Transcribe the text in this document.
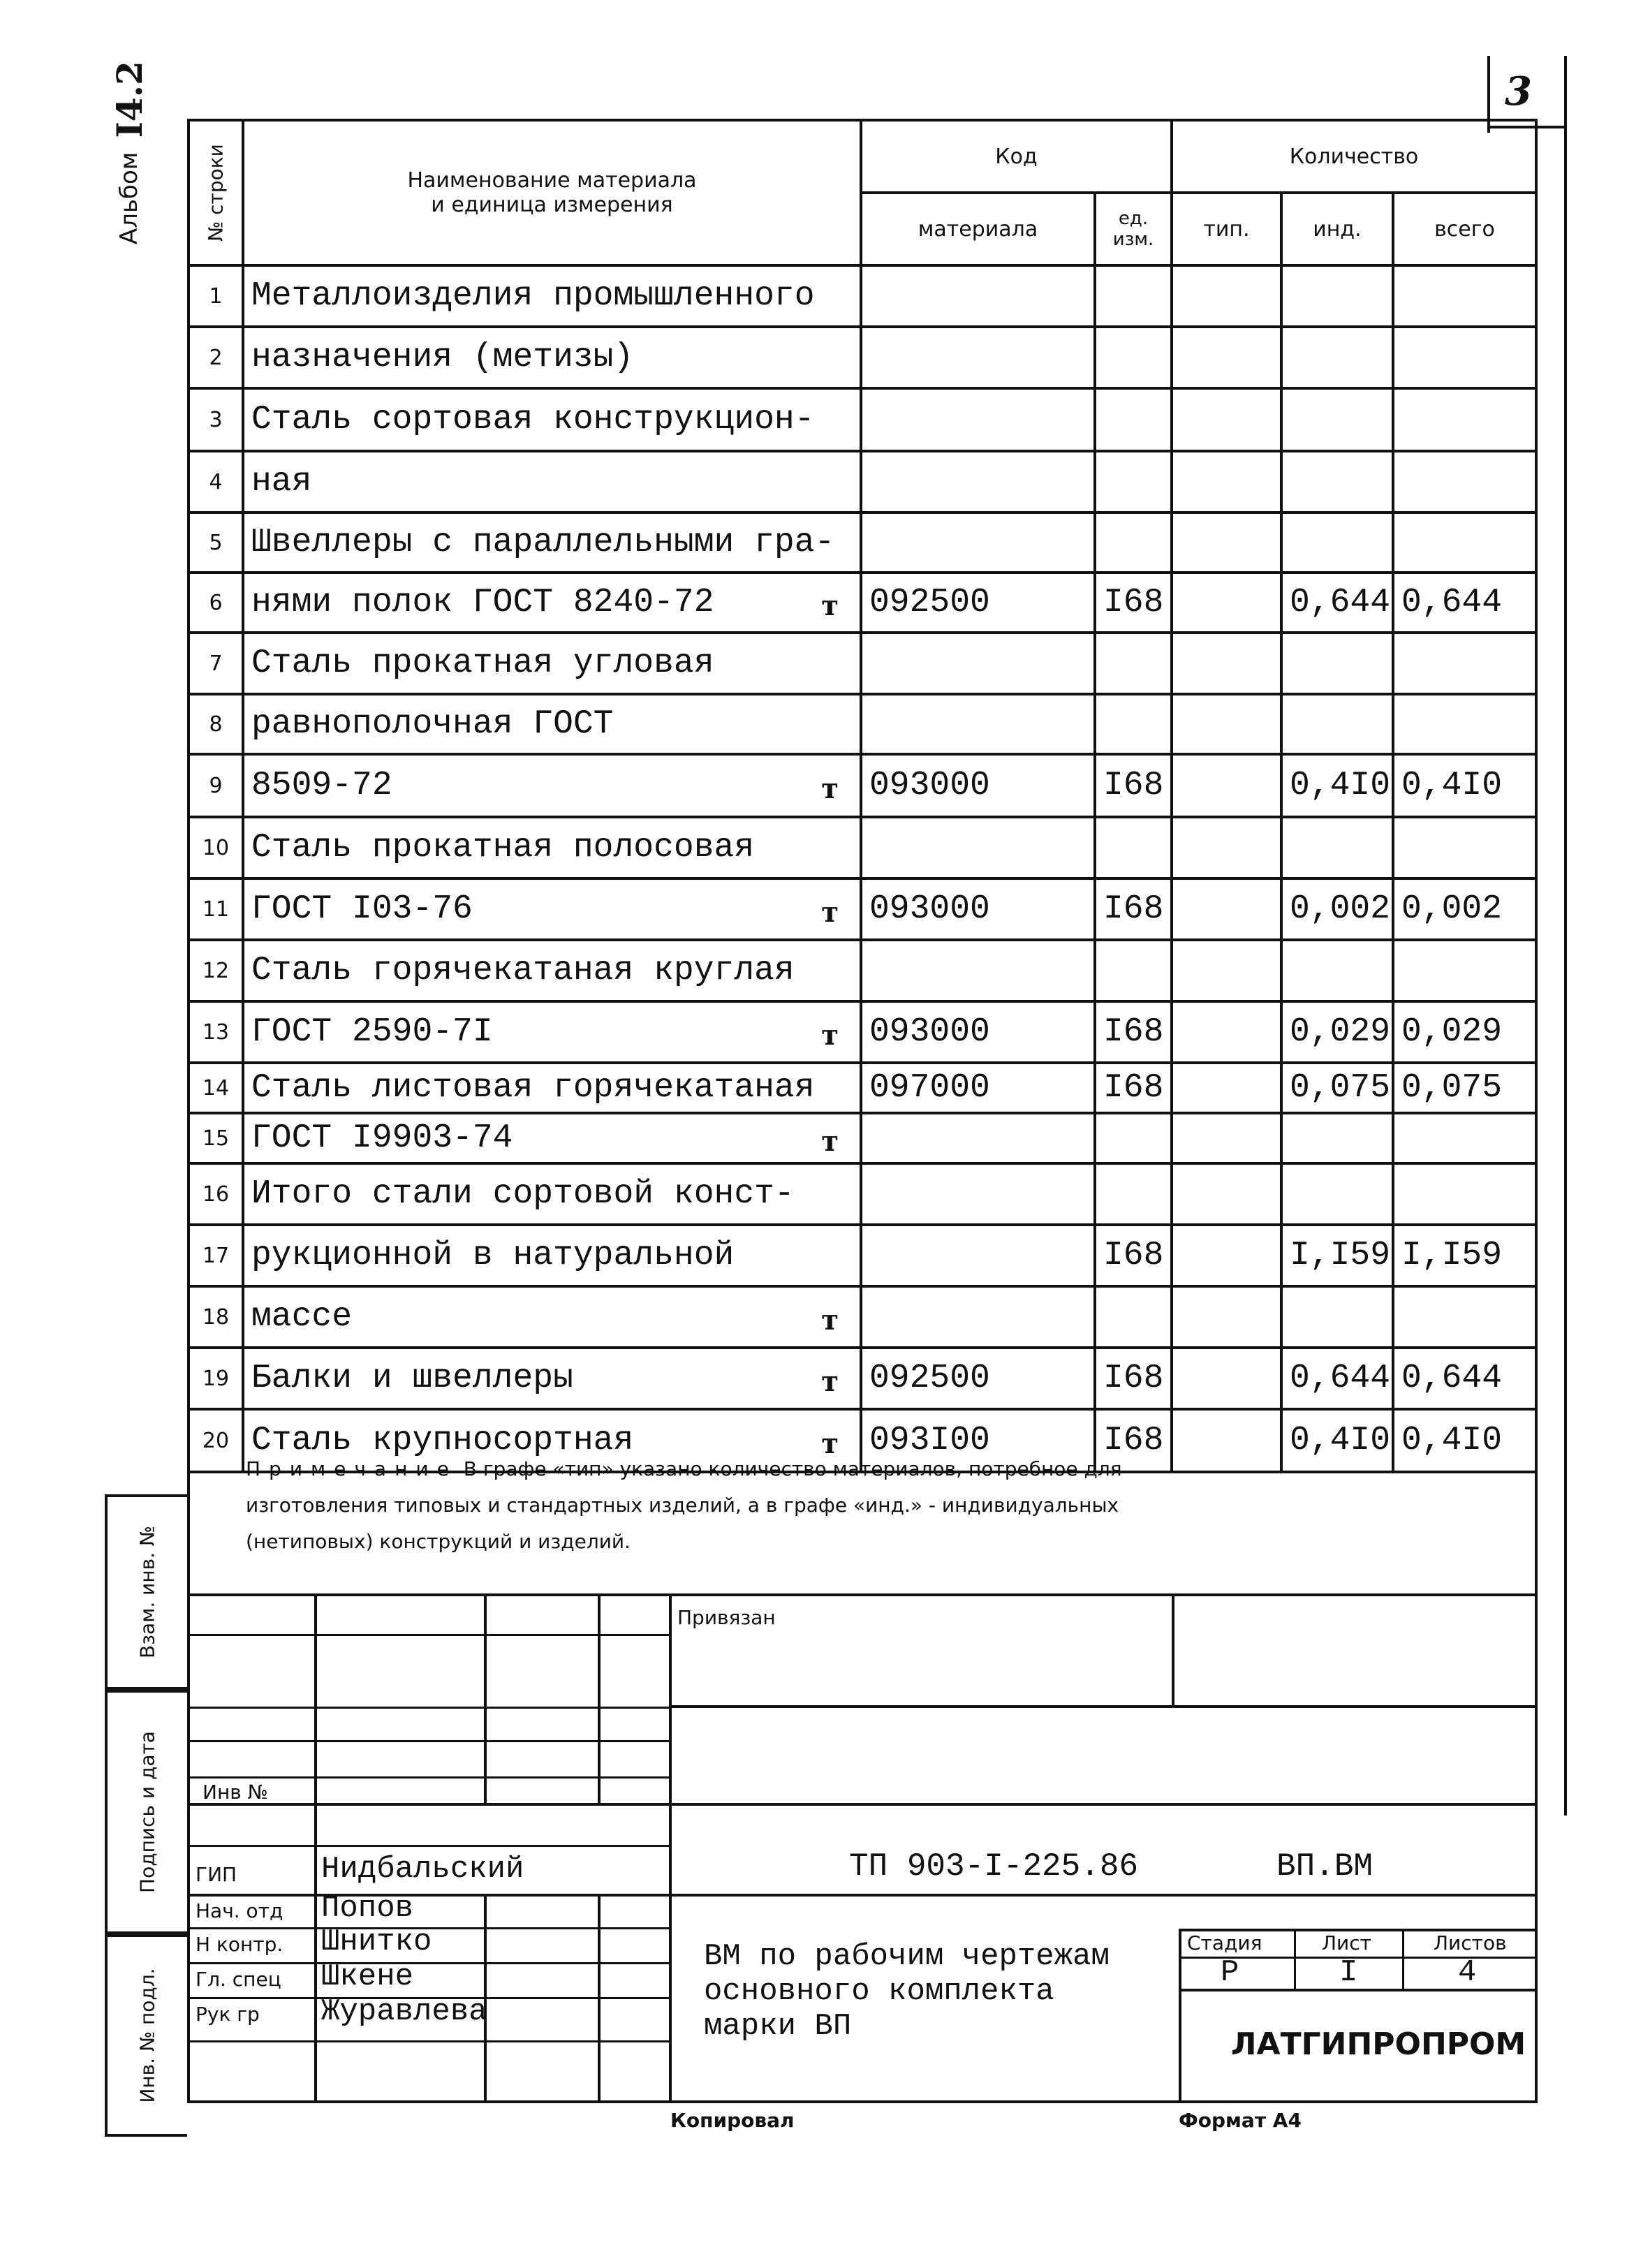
3
Альбом
I4.2
№ строки	Наименование материала и единица измерения	Код		Количество		
		материала	ед. изм.	тип.	инд.	всего
1	Металлоизделия промышленного

2	назначения (метизы)

3	Сталь сортовая конструкцион-

4	ная

5	Швеллеры с параллельными гра-

6	нями полок ГОСТ 8240-72 т	092500	I68		0,644	0,644
7	Сталь прокатная угловая

8	равнополочная ГОСТ

9	8509-72 т	093000	I68		0,4I0	0,4I0
10	Сталь прокатная полосовая

11	ГОСТ I03-76 т	093000	I68		0,002	0,002
12	Сталь горячекатаная круглая

13	ГОСТ 2590-7I т	093000	I68		0,029	0,029
14	Сталь листовая горячекатаная	097000	I68		0,075	0,075
15	ГОСТ I9903-74 т					

16	Итого стали сортовой конст-

17	рукционной в натуральной		I68		I,I59	I,I59
18	массе т					

19	Балки и швеллеры т	092500	I68		0,644	0,644
20	Сталь крупносортная т	093I00	I68		0,4I0	0,4I0
Примечание В графе «тип» указано количество материалов, потребное для
изготовления типовых и стандартных изделий, а в графе «инд.» - индивидуальных
(нетиповых) конструкций и изделий.
Взам. инв. №
Подпись и дата
Инв. № подл.
Привязан
Инв №
ТП 903-I-225.86	ВП.ВМ
ГИП	Нидбальский
Нач. отд Попов
Н контр. Шнитко
Гл. спец Шкене
Рук гр Журавлева
ВМ по рабочим чертежам
основного комплекта
марки ВП
Стадия	Лист	Листов
Р	I	4
ЛАТГИПРОПРОМ
Копировал	Формат А4
